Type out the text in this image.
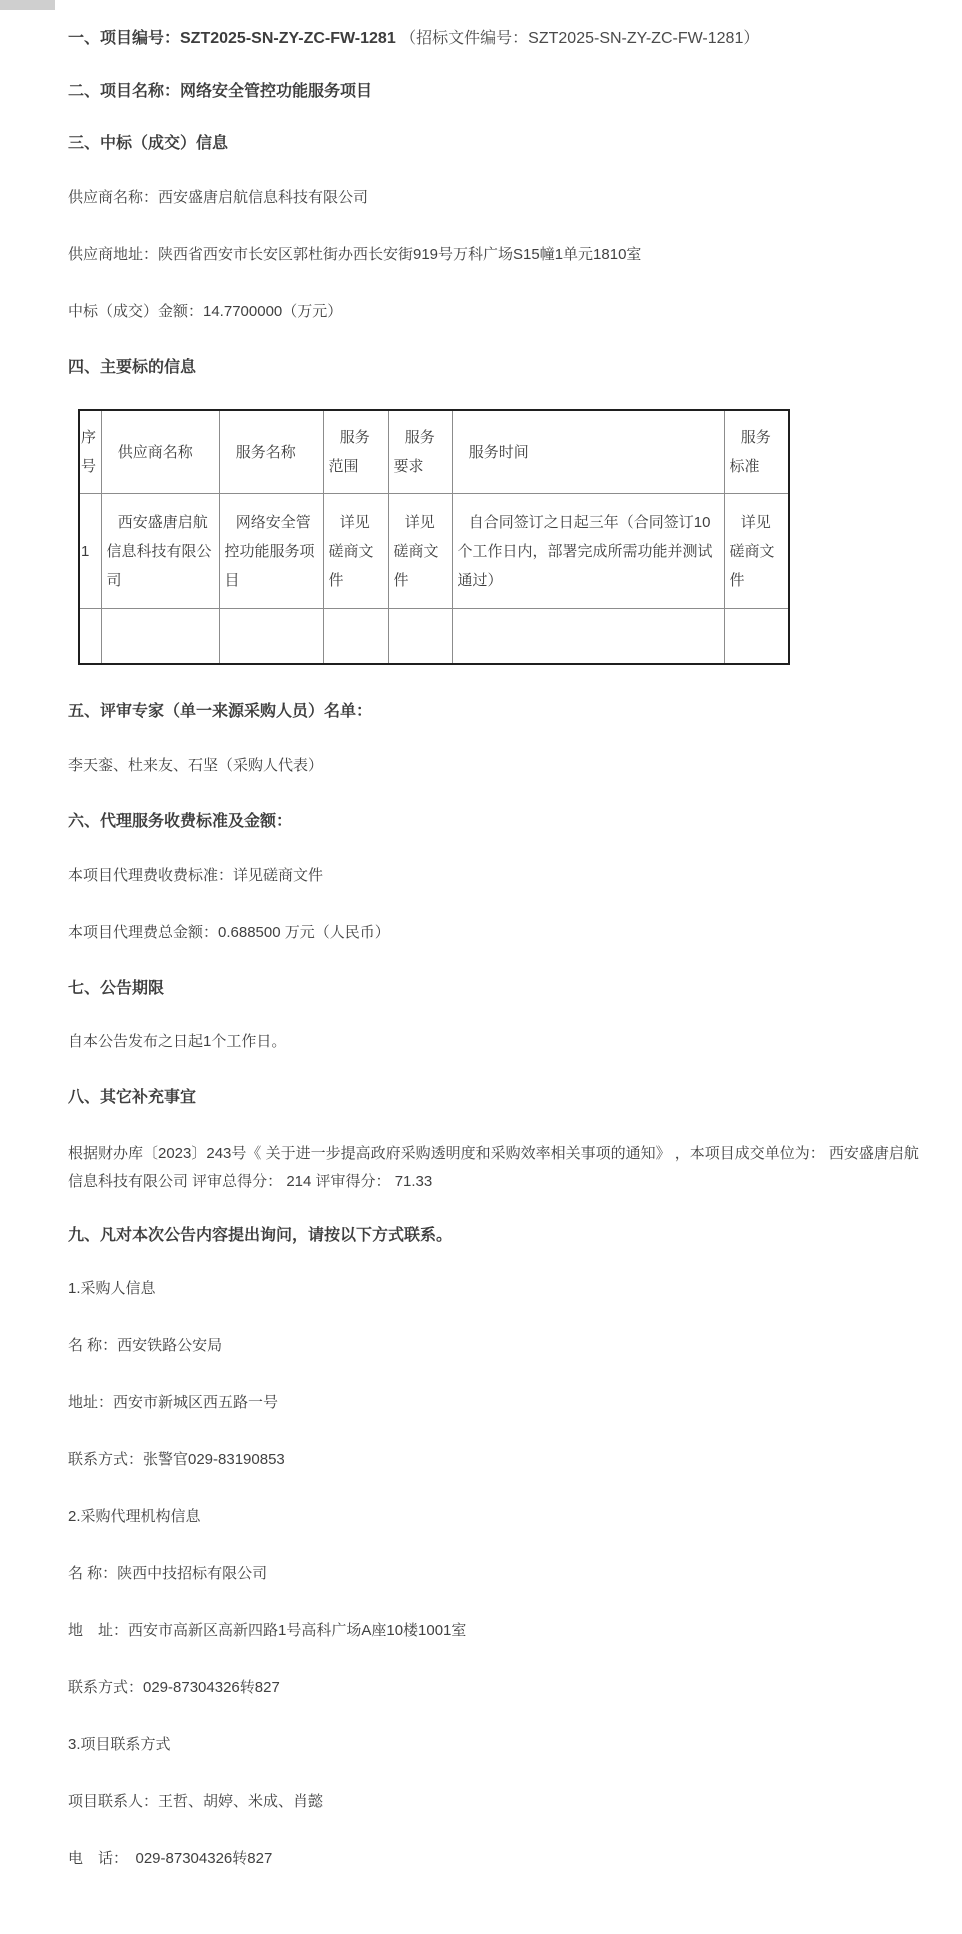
一、项目编号：SZT2025-SN-ZY-ZC-FW-1281 （招标文件编号：SZT2025-SN-ZY-ZC-FW-1281）

二、项目名称：网络安全管控功能服务项目

三、中标（成交）信息

供应商名称：西安盛唐启航信息科技有限公司

供应商地址：陕西省西安市长安区郭杜街办西长安街919号万科广场S15幢1单元1810室

中标（成交）金额：14.7700000（万元）

四、主要标的信息

序号	供应商名称	服务名称	服务范围	服务要求	服务时间	服务标准
1	西安盛唐启航信息科技有限公司	网络安全管控功能服务项目	详见磋商文件	详见磋商文件	自合同签订之日起三年（合同签订10个工作日内，部署完成所需功能并测试通过）	详见磋商文件

五、评审专家（单一来源采购人员）名单：

李天銮、杜来友、石坚（采购人代表）

六、代理服务收费标准及金额：

本项目代理费收费标准：详见磋商文件

本项目代理费总金额：0.688500 万元（人民币）

七、公告期限

自本公告发布之日起1个工作日。

八、其它补充事宜

根据财办库〔2023〕243号《 关于进一步提高政府采购透明度和采购效率相关事项的通知》 ，本项目成交单位为： 西安盛唐启航信息科技有限公司 评审总得分： 214 评审得分： 71.33

九、凡对本次公告内容提出询问，请按以下方式联系。

1.采购人信息

名 称：西安铁路公安局

地址：西安市新城区西五路一号

联系方式：张警官029-83190853

2.采购代理机构信息

名 称：陕西中技招标有限公司

地　址：西安市高新区高新四路1号高科广场A座10楼1001室

联系方式：029-87304326转827

3.项目联系方式

项目联系人：王哲、胡婷、米成、肖懿

电　话：　029-87304326转827
